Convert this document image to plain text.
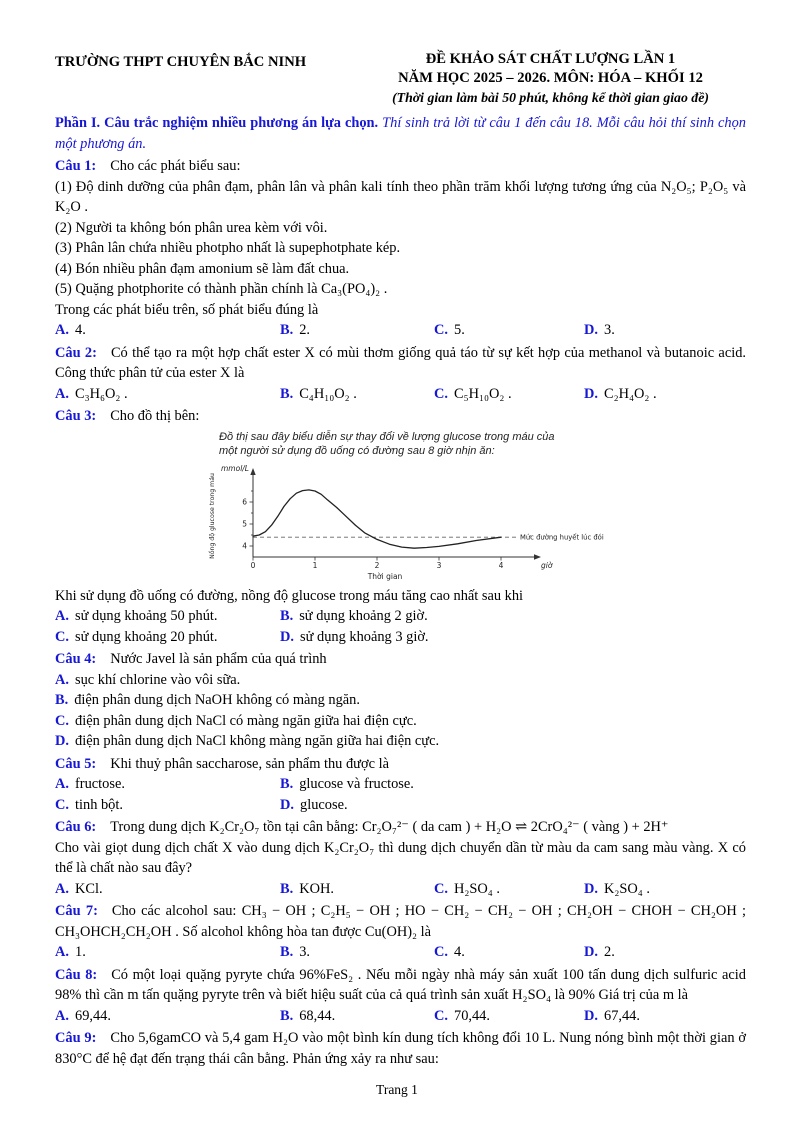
TRƯỜNG THPT CHUYÊN BẮC NINH	ĐỀ KHẢO SÁT CHẤT LƯỢNG LẦN 1
NĂM HỌC 2025 – 2026. MÔN: HÓA – KHỐI 12
(Thời gian làm bài 50 phút, không kể thời gian giao đề)

Phần I. Câu trắc nghiệm nhiều phương án lựa chọn. Thí sinh trả lời từ câu 1 đến câu 18. Mỗi câu hỏi thí sinh chọn một phương án.

Câu 1: Cho các phát biểu sau:

(1) Độ dinh dưỡng của phân đạm, phân lân và phân kali tính theo phần trăm khối lượng tương ứng của N₂O₅; P₂O₅ và K₂O .

(2) Người ta không bón phân urea kèm với vôi.

(3) Phân lân chứa nhiều photpho nhất là supephotphate kép.

(4) Bón nhiều phân đạm amonium sẽ làm đất chua.

(5) Quặng photphorite có thành phần chính là Ca₃(PO₄)₂ .

Trong các phát biểu trên, số phát biểu đúng là

A. 4.	B. 2.	C. 5.	D. 3.

Câu 2: Có thể tạo ra một hợp chất ester X có mùi thơm giống quả táo từ sự kết hợp của methanol và butanoic acid. Công thức phân tử của ester X là

A. C₃H₆O₂ .	B. C₄H₁₀O₂ .	C. C₅H₁₀O₂ .	D. C₂H₄O₂ .

Câu 3: Cho đồ thị bên:

Đồ thị sau đây biểu diễn sự thay đổi về lượng glucose trong máu của một người sử dụng đồ uống có đường sau 8 giờ nhịn ăn:
Mức đường huyết lúc đói
6
5
4
0	1	2	3	4
mmol/L
Nồng độ glucose trong máu
Thời gian
giờ

Khi sử dụng đồ uống có đường, nồng độ glucose trong máu tăng cao nhất sau khi

A. sử dụng khoảng 50 phút.	B. sử dụng khoảng 2 giờ.
C. sử dụng khoảng 20 phút.	D. sử dụng khoảng 3 giờ.

Câu 4: Nước Javel là sản phẩm của quá trình

A. sục khí chlorine vào vôi sữa.
B. điện phân dung dịch NaOH không có màng ngăn.
C. điện phân dung dịch NaCl có màng ngăn giữa hai điện cực.
D. điện phân dung dịch NaCl không màng ngăn giữa hai điện cực.

Câu 5: Khi thuỷ phân saccharose, sản phẩm thu được là

A. fructose.	B. glucose và fructose.
C. tinh bột.	D. glucose.

Câu 6: Trong dung dịch K₂Cr₂O₇ tồn tại cân bằng: Cr₂O₇²⁻ ( da cam ) + H₂O ⇌ 2CrO₄²⁻ ( vàng ) + 2H⁺

Cho vài giọt dung dịch chất X vào dung dịch K₂Cr₂O₇ thì dung dịch chuyển dần từ màu da cam sang màu vàng. X có thể là chất nào sau đây?

A. KCl.	B. KOH.	C. H₂SO₄ .	D. K₂SO₄ .

Câu 7: Cho các alcohol sau: CH₃ − OH ; C₂H₅ − OH ; HO − CH₂ − CH₂ − OH ; CH₂OH − CHOH − CH₂OH ; CH₃OHCH₂CH₂OH . Số alcohol không hòa tan được Cu(OH)₂ là

A. 1.	B. 3.	C. 4.	D. 2.

Câu 8: Có một loại quặng pyryte chứa 96%FeS₂ . Nếu mỗi ngày nhà máy sản xuất 100 tấn dung dịch sulfuric acid 98% thì cần m tấn quặng pyryte trên và biết hiệu suất của cả quá trình sản xuất H₂SO₄ là 90% Giá trị của m là

A. 69,44.	B. 68,44.	C. 70,44.	D. 67,44.

Câu 9: Cho 5,6gamCO và 5,4 gam H₂O vào một bình kín dung tích không đổi 10 L. Nung nóng bình một thời gian ở 830°C để hệ đạt đến trạng thái cân bằng. Phản ứng xảy ra như sau:

Trang 1
